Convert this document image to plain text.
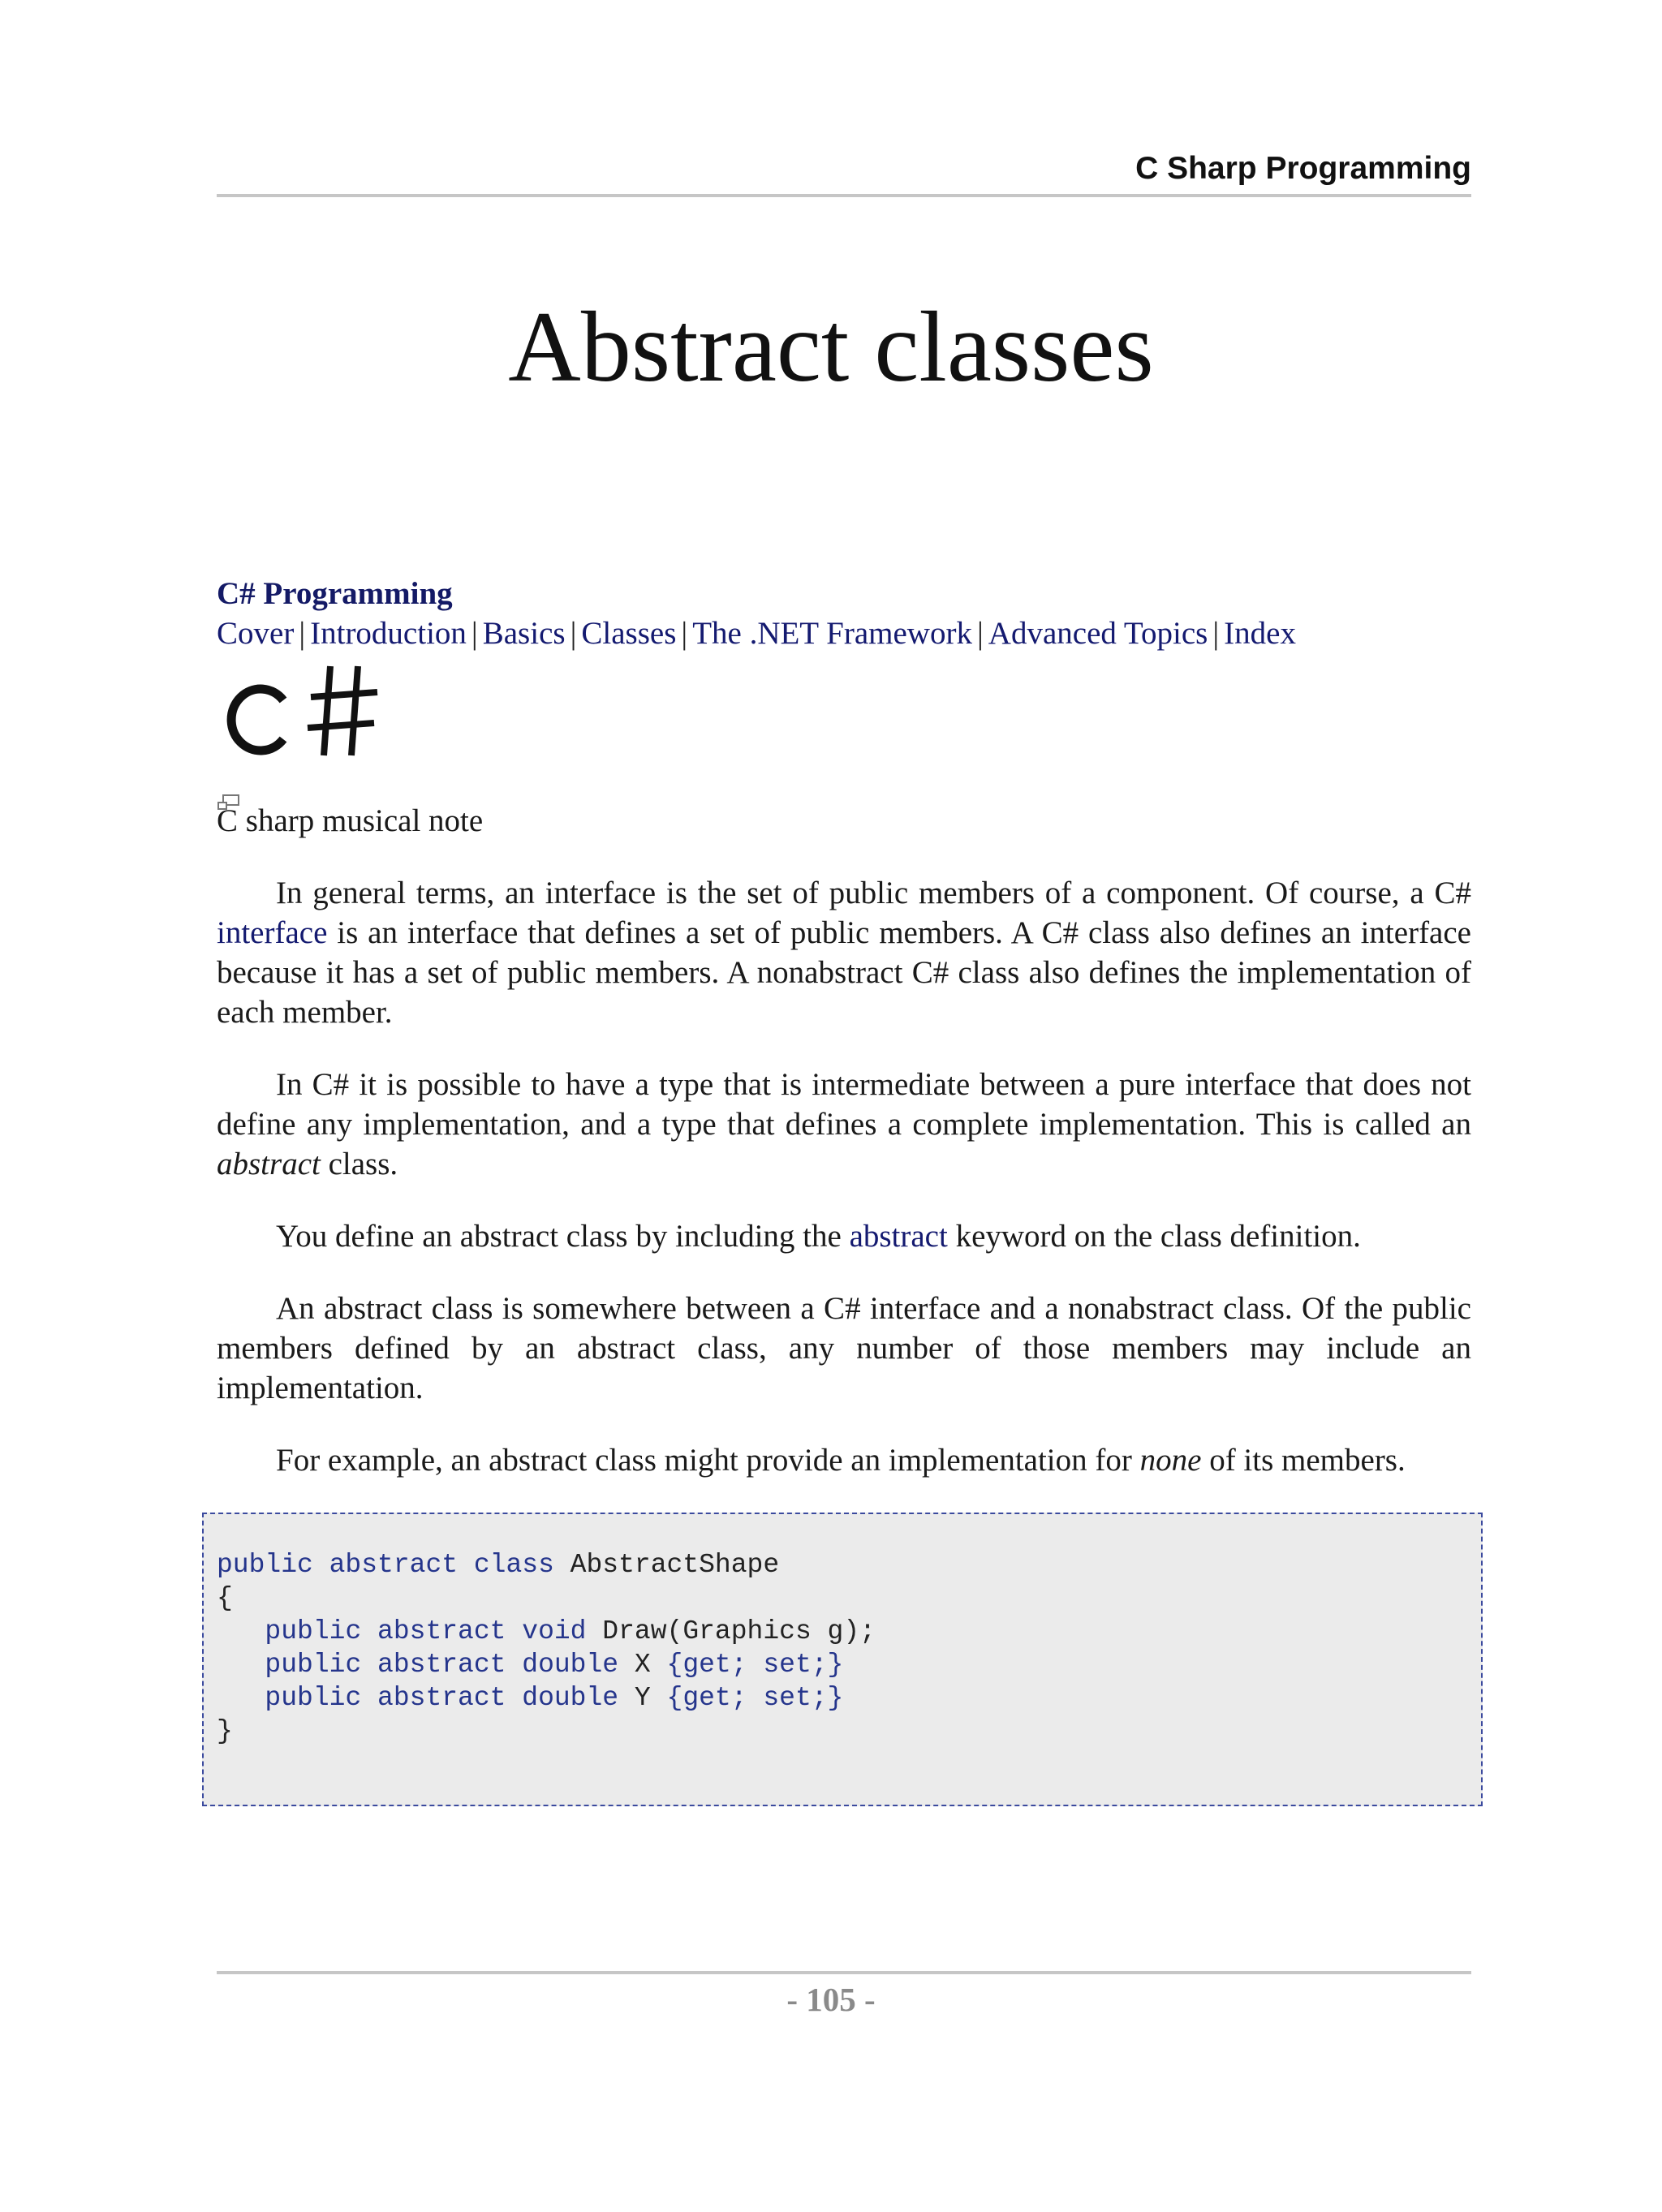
C Sharp Programming
Abstract classes
C# Programming
Cover | Introduction | Basics | Classes | The .NET Framework | Advanced Topics | Index
C sharp musical note

In general terms, an interface is the set of public members of a component. Of course, a C# interface is an interface that defines a set of public members. A C# class also defines an interface because it has a set of public members. A nonabstract C# class also defines the implementation of each member.

In C# it is possible to have a type that is intermediate between a pure interface that does not define any implementation, and a type that defines a complete implementation. This is called an abstract class.

You define an abstract class by including the abstract keyword on the class definition.

An abstract class is somewhere between a C# interface and a nonabstract class. Of the public members defined by an abstract class, any number of those members may include an implementation.

For example, an abstract class might provide an implementation for none of its members.

public abstract class AbstractShape
{
public abstract void Draw(Graphics g);
public abstract double X {get; set;}
public abstract double Y {get; set;}
}
- 105 -
